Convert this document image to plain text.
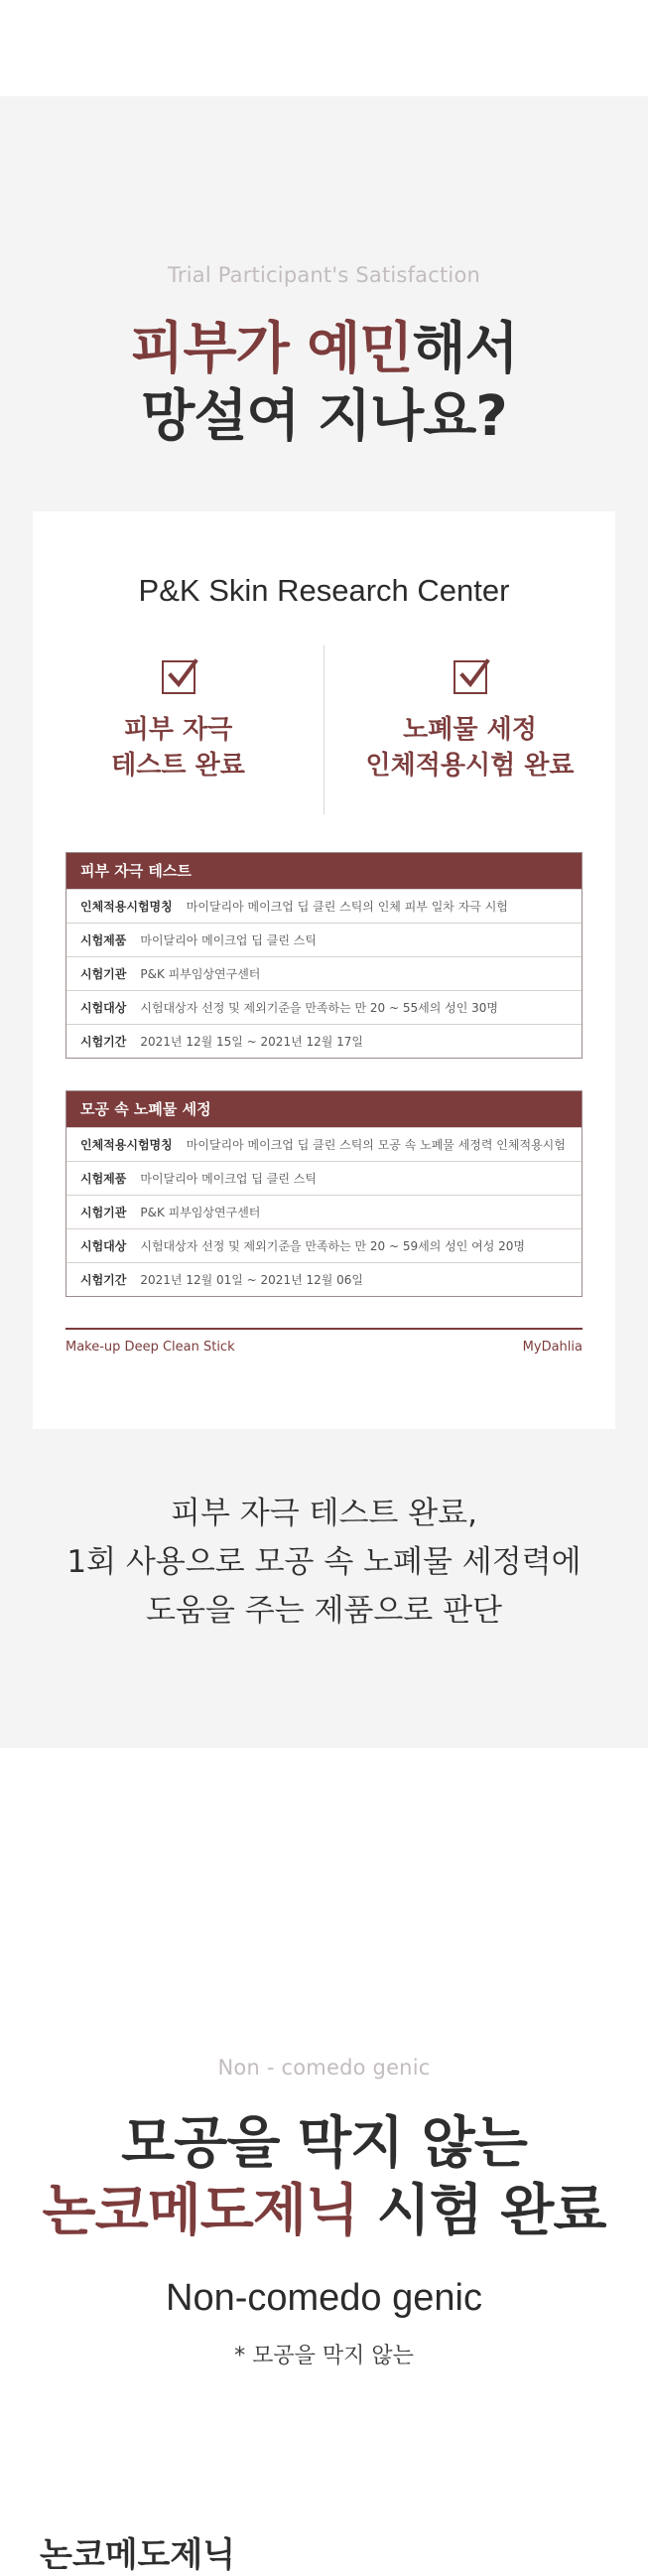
Trial Participant's Satisfaction
피부가 예민해서
망설여 지나요?
P&K Skin Research Center
피부 자극
테스트 완료
노폐물 세정
인체적용시험 완료
피부 자극 테스트
인체적용시험명칭 마이달리아 메이크업 딥 클린 스틱의 인체 피부 일차 자극 시험
시험제품 마이달리아 메이크업 딥 클린 스틱
시험기관 P&K 피부임상연구센터
시험대상 시험대상자 선정 및 제외기준을 만족하는 만 20 ~ 55세의 성인 30명
시험기간 2021년 12월 15일 ~ 2021년 12월 17일
모공 속 노폐물 세정
인체적용시험명칭 마이달리아 메이크업 딥 클린 스틱의 모공 속 노폐물 세정력 인체적용시험
시험제품 마이달리아 메이크업 딥 클린 스틱
시험기관 P&K 피부임상연구센터
시험대상 시험대상자 선정 및 제외기준을 만족하는 만 20 ~ 59세의 성인 여성 20명
시험기간 2021년 12월 01일 ~ 2021년 12월 06일
Make-up Deep Clean Stick	MyDahlia
피부 자극 테스트 완료,
1회 사용으로 모공 속 노폐물 세정력에
도움을 주는 제품으로 판단
Non - comedo genic
모공을 막지 않는
논코메도제닉 시험 완료
Non-comedo genic
* 모공을 막지 않는
논코메도제닉
